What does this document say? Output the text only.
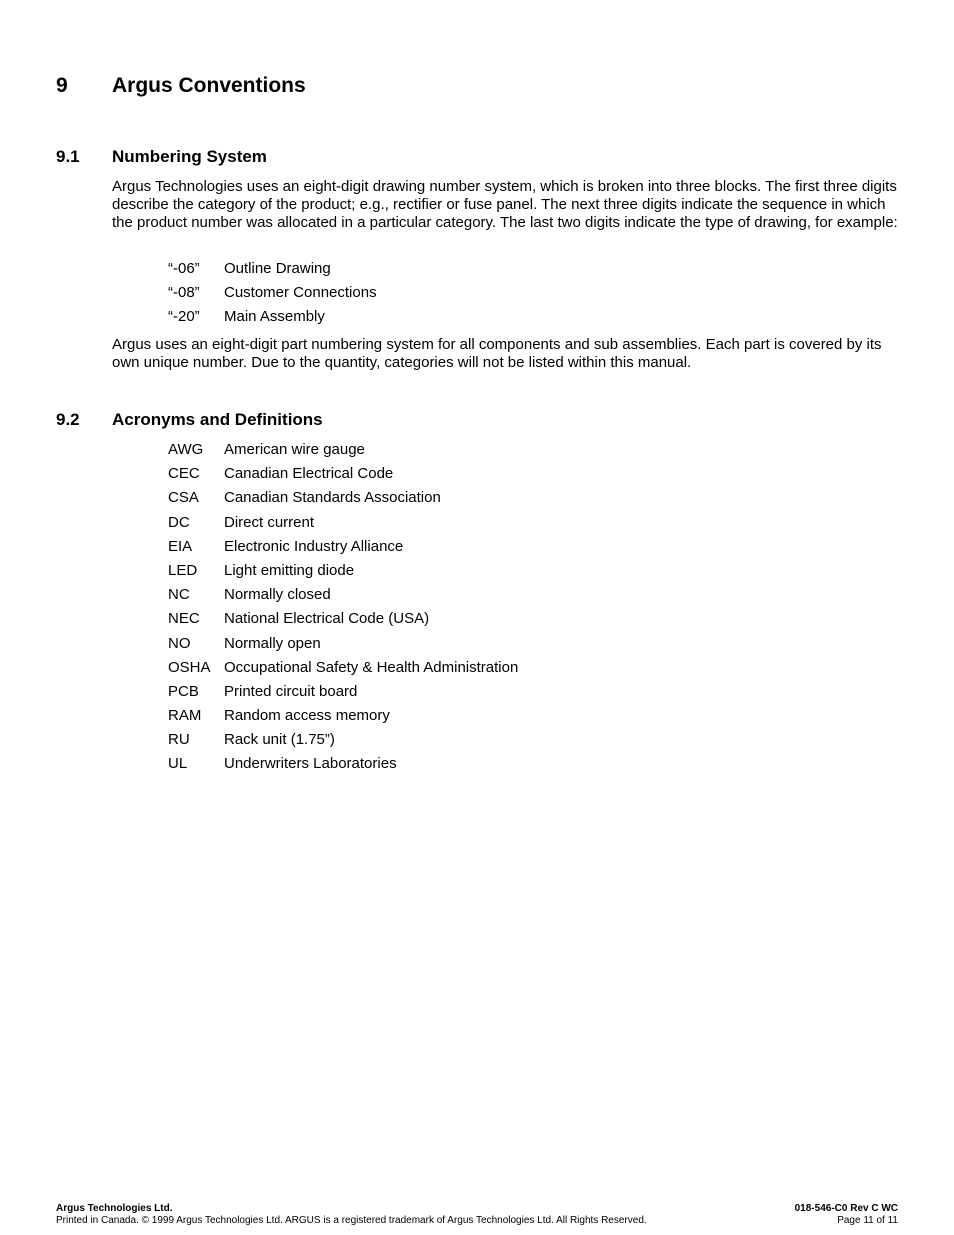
9 Argus Conventions
9.1 Numbering System
Argus Technologies uses an eight-digit drawing number system, which is broken into three blocks. The first three digits describe the category of the product; e.g., rectifier or fuse panel. The next three digits indicate the sequence in which the product number was allocated in a particular category. The last two digits indicate the type of drawing, for example:
“-06”	Outline Drawing
“-08”	Customer Connections
“-20”	Main Assembly
Argus uses an eight-digit part numbering system for all components and sub assemblies. Each part is covered by its own unique number. Due to the quantity, categories will not be listed within this manual.
9.2 Acronyms and Definitions
AWG	American wire gauge
CEC	Canadian Electrical Code
CSA	Canadian Standards Association
DC	Direct current
EIA	Electronic Industry Alliance
LED	Light emitting diode
NC	Normally closed
NEC	National Electrical Code (USA)
NO	Normally open
OSHA Occupational Safety & Health Administration
PCB	Printed circuit board
RAM	Random access memory
RU	Rack unit (1.75”)
UL	Underwriters Laboratories
Argus Technologies Ltd.	018-546-C0 Rev C WC
Printed in Canada. © 1999 Argus Technologies Ltd. ARGUS is a registered trademark of Argus Technologies Ltd. All Rights Reserved.	Page 11 of 11
